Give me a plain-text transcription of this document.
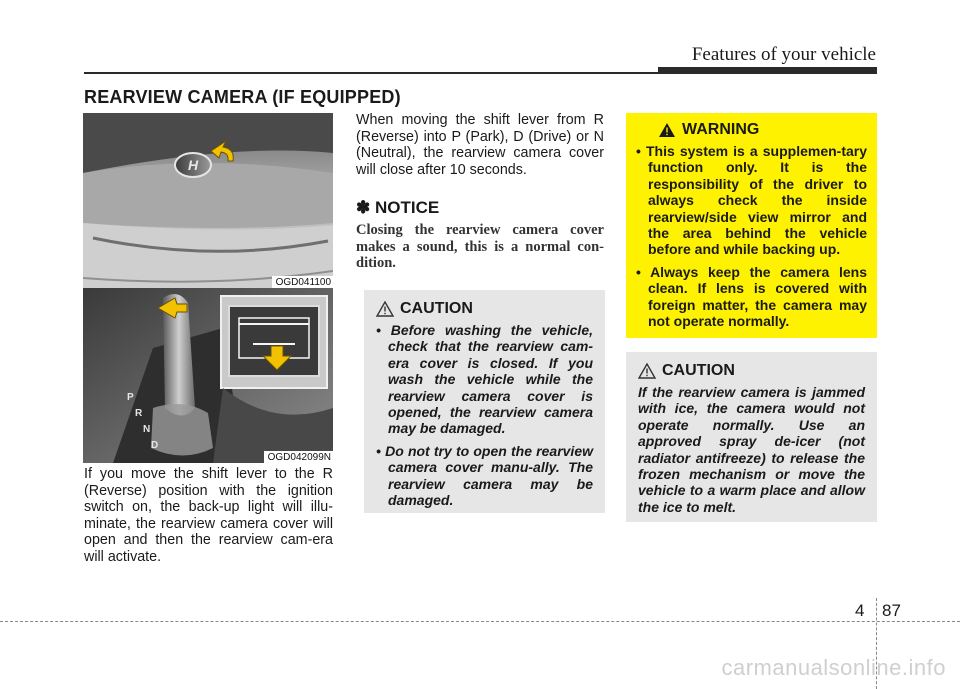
Features of your vehicle
REARVIEW CAMERA (IF EQUIPPED)
H
OGD041100
P
R
N
D
OGD042099N

If you move the shift lever to the R (Reverse) position with the ignition switch on, the back-up light will illu-minate, the rearview camera cover will open and then the rearview cam-era will activate.

When moving the shift lever from R (Reverse) into P (Park), D (Drive) or N (Neutral), the rearview camera cover will close after 10 seconds.

✽ NOTICE

Closing the rearview camera cover makes a sound, this is a normal con-dition.

CAUTION
• Before washing the vehicle, check that the rearview cam-era cover is closed. If you wash the vehicle while the rearview camera cover is opened, the rearview camera may be damaged.
• Do not try to open the rearview camera cover manu-ally. The rearview camera may be damaged.
WARNING
• This system is a supplemen-tary function only. It is the responsibility of the driver to always check the inside rearview/side view mirror and the area behind the vehicle before and while backing up.
• Always keep the camera lens clean. If lens is covered with foreign matter, the camera may not operate normally.
CAUTION

If the rearview camera is jammed with ice, the camera would not operate normally. Use an approved spray de-icer (not radiator antifreeze) to release the frozen mechanism or move the vehicle to a warm place and allow the ice to melt.

4 87
carmanualsonline.info
